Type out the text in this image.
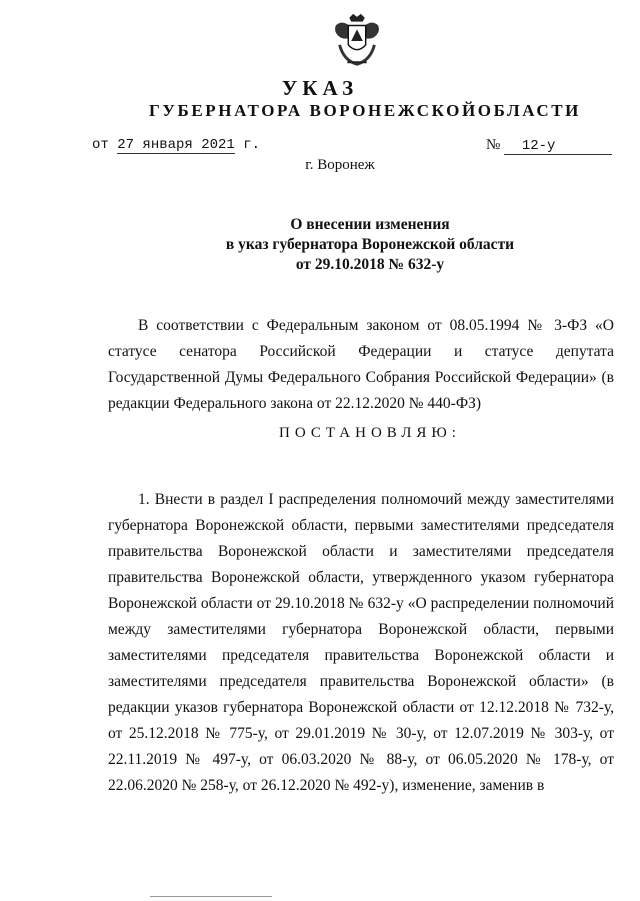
УКАЗ
ГУБЕРНАТОРА ВОРОНЕЖСКОЙОБЛАСТИ
от 27 января 2021 г.	№ 12-у
г. Воронеж
О внесении изменения
в указ губернатора Воронежской области
от 29.10.2018 № 632-у
В соответствии с Федеральным законом от 08.05.1994 № 3-ФЗ «О статусе сенатора Российской Федерации и статусе депутата Государственной Думы Федерального Собрания Российской Федерации» (в редакции Федерального закона от 22.12.2020 № 440-ФЗ)
ПОСТАНОВЛЯЮ:
1. Внести в раздел I распределения полномочий между заместителями губернатора Воронежской области, первыми заместителями председателя правительства Воронежской области и заместителями председателя правительства Воронежской области, утвержденного указом губернатора Воронежской области от 29.10.2018 № 632-у «О распределении полномочий между заместителями губернатора Воронежской области, первыми заместителями председателя правительства Воронежской области и заместителями председателя правительства Воронежской области» (в редакции указов губернатора Воронежской области от 12.12.2018 № 732-у, от 25.12.2018 № 775-у, от 29.01.2019 № 30-у, от 12.07.2019 № 303-у, от 22.11.2019 № 497-у, от 06.03.2020 № 88-у, от 06.05.2020 № 178-у, от 22.06.2020 № 258-у, от 26.12.2020 № 492-у), изменение, заменив в
